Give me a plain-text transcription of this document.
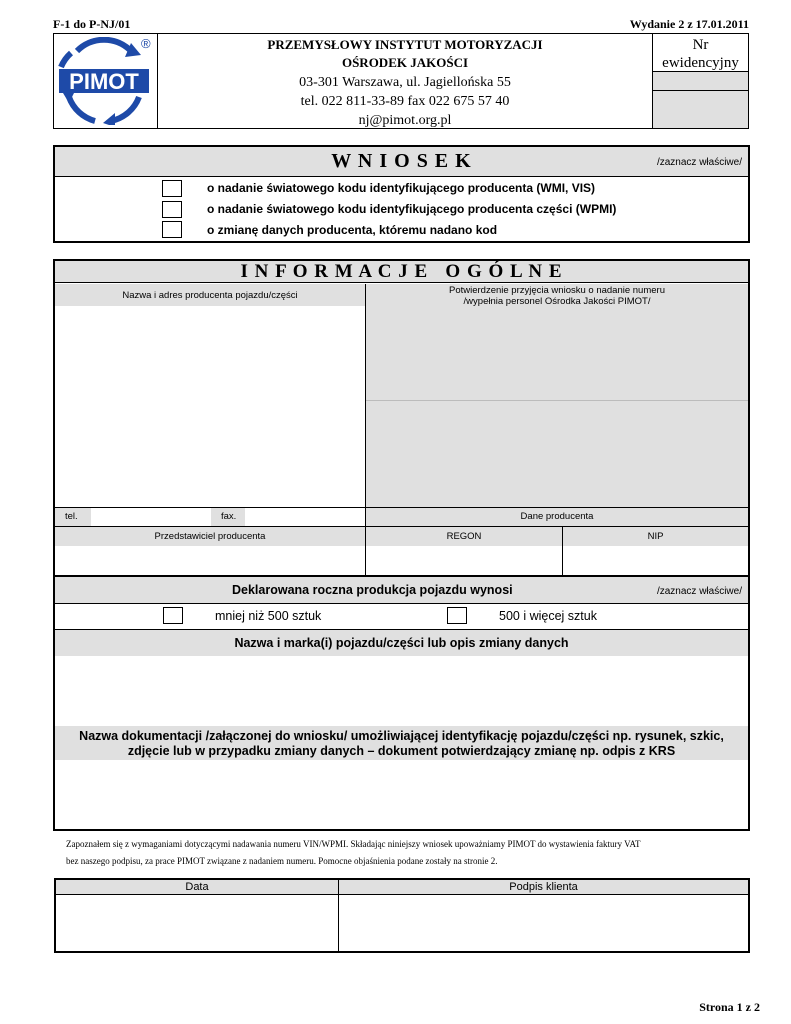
F-1 do P-NJ/01	Wydanie 2 z 17.01.2011
PIMOT
®	PRZEMYSŁOWY INSTYTUT MOTORYZACJI
OŚRODEK JAKOŚCI
03-301 Warszawa, ul. Jagiellońska 55
tel. 022 811-33-89 fax 022 675 57 40
nj@pimot.org.pl
Nr
ewidencyjny
W N I O S E K	/zaznacz właściwe/
o nadanie światowego kodu identyfikującego producenta (WMI, VIS)
o nadanie światowego kodu identyfikującego producenta części (WPMI)
o zmianę danych producenta, któremu nadano kod
I N F O R M A C J E   O G Ó L N E
Nazwa i adres producenta pojazdu/części	Potwierdzenie przyjęcia wniosku o nadanie numeru
/wypełnia personel Ośrodka Jakości PIMOT/
tel.	fax.	Dane producenta
Przedstawiciel producenta	REGON	NIP
Deklarowana roczna produkcja pojazdu wynosi	/zaznacz właściwe/
mniej niż 500 sztuk	500 i więcej sztuk
Nazwa i marka(i) pojazdu/części lub opis zmiany danych
Nazwa dokumentacji /załączonej do wniosku/ umożliwiającej identyfikację pojazdu/części np. rysunek, szkic,
zdjęcie lub w przypadku zmiany danych – dokument potwierdzający zmianę np. odpis z KRS
Zapoznałem się z wymaganiami dotyczącymi nadawania numeru VIN/WPMI. Składając niniejszy wniosek upoważniamy PIMOT do wystawienia faktury VAT
bez naszego podpisu, za prace PIMOT związane z nadaniem numeru. Pomocne objaśnienia podane zostały na stronie 2.
Data	Podpis klienta
Strona 1 z 2
